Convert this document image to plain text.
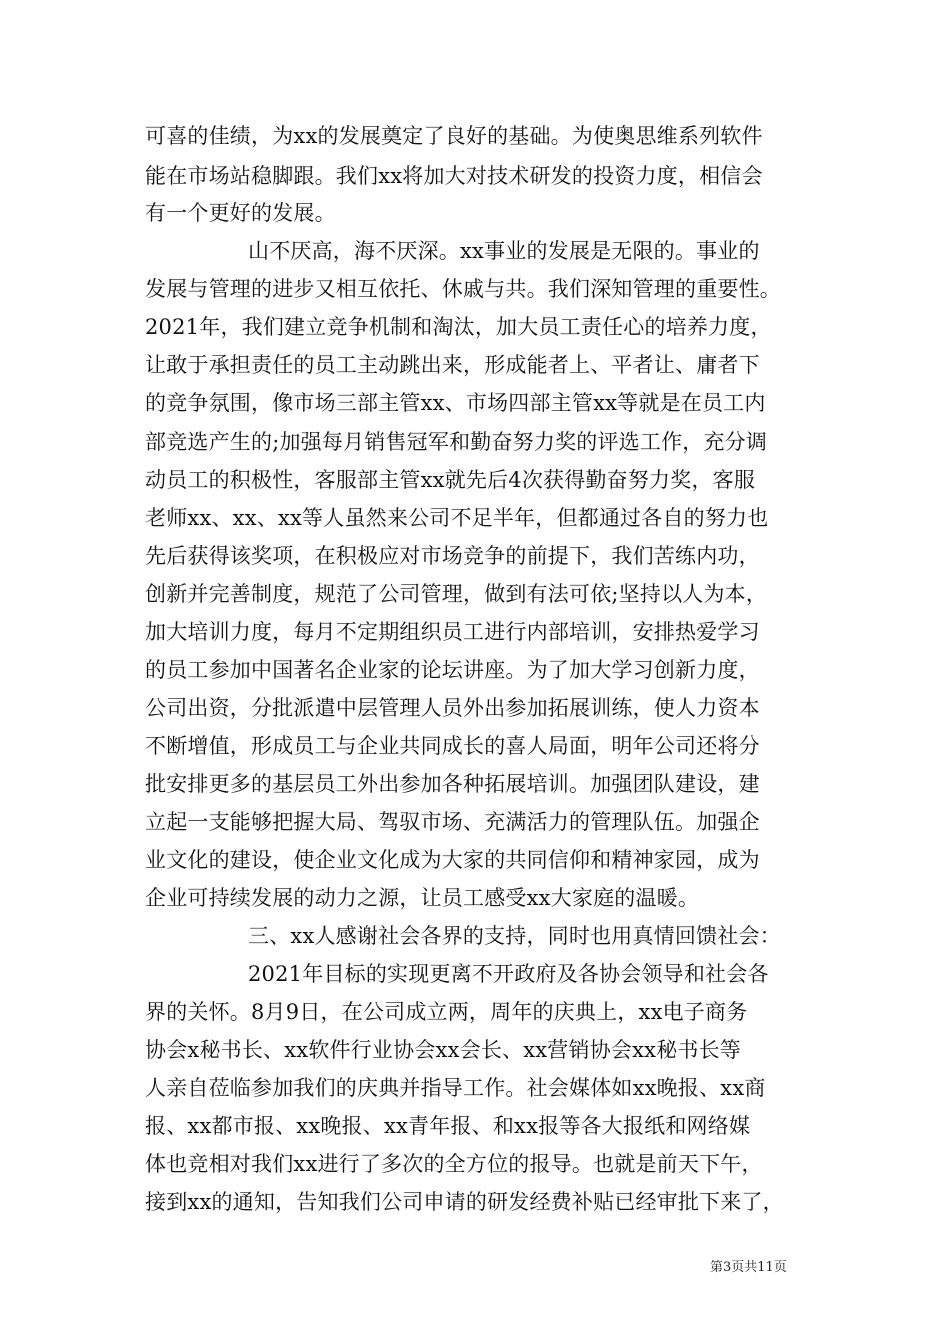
可喜的佳绩，为xx的发展奠定了良好的基础。为使奥思维系列软件
能在市场站稳脚跟。我们xx将加大对技术研发的投资力度，相信会
有一个更好的发展。
山不厌高，海不厌深。xx事业的发展是无限的。事业的
发展与管理的进步又相互依托、休戚与共。我们深知管理的重要性。
2021年，我们建立竞争机制和淘汰，加大员工责任心的培养力度，
让敢于承担责任的员工主动跳出来，形成能者上、平者让、庸者下
的竞争氛围，像市场三部主管xx、市场四部主管xx等就是在员工内
部竞选产生的;加强每月销售冠军和勤奋努力奖的评选工作，充分调
动员工的积极性，客服部主管xx就先后4次获得勤奋努力奖，客服
老师xx、xx、xx等人虽然来公司不足半年，但都通过各自的努力也
先后获得该奖项，在积极应对市场竞争的前提下，我们苦练内功，
创新并完善制度，规范了公司管理，做到有法可依;坚持以人为本，
加大培训力度，每月不定期组织员工进行内部培训，安排热爱学习
的员工参加中国著名企业家的论坛讲座。为了加大学习创新力度，
公司出资，分批派遣中层管理人员外出参加拓展训练，使人力资本
不断增值，形成员工与企业共同成长的喜人局面，明年公司还将分
批安排更多的基层员工外出参加各种拓展培训。加强团队建设，建
立起一支能够把握大局、驾驭市场、充满活力的管理队伍。加强企
业文化的建设，使企业文化成为大家的共同信仰和精神家园，成为
企业可持续发展的动力之源，让员工感受xx大家庭的温暖。
三、xx人感谢社会各界的支持，同时也用真情回馈社会：
2021年目标的实现更离不开政府及各协会领导和社会各
界的关怀。8月9日，在公司成立两，周年的庆典上，xx电子商务
协会x秘书长、xx软件行业协会xx会长、xx营销协会xx秘书长等
人亲自莅临参加我们的庆典并指导工作。社会媒体如xx晚报、xx商
报、xx都市报、xx晚报、xx青年报、和xx报等各大报纸和网络媒
体也竞相对我们xx进行了多次的全方位的报导。也就是前天下午，
接到xx的通知，告知我们公司申请的研发经费补贴已经审批下来了，
第3页共11页
